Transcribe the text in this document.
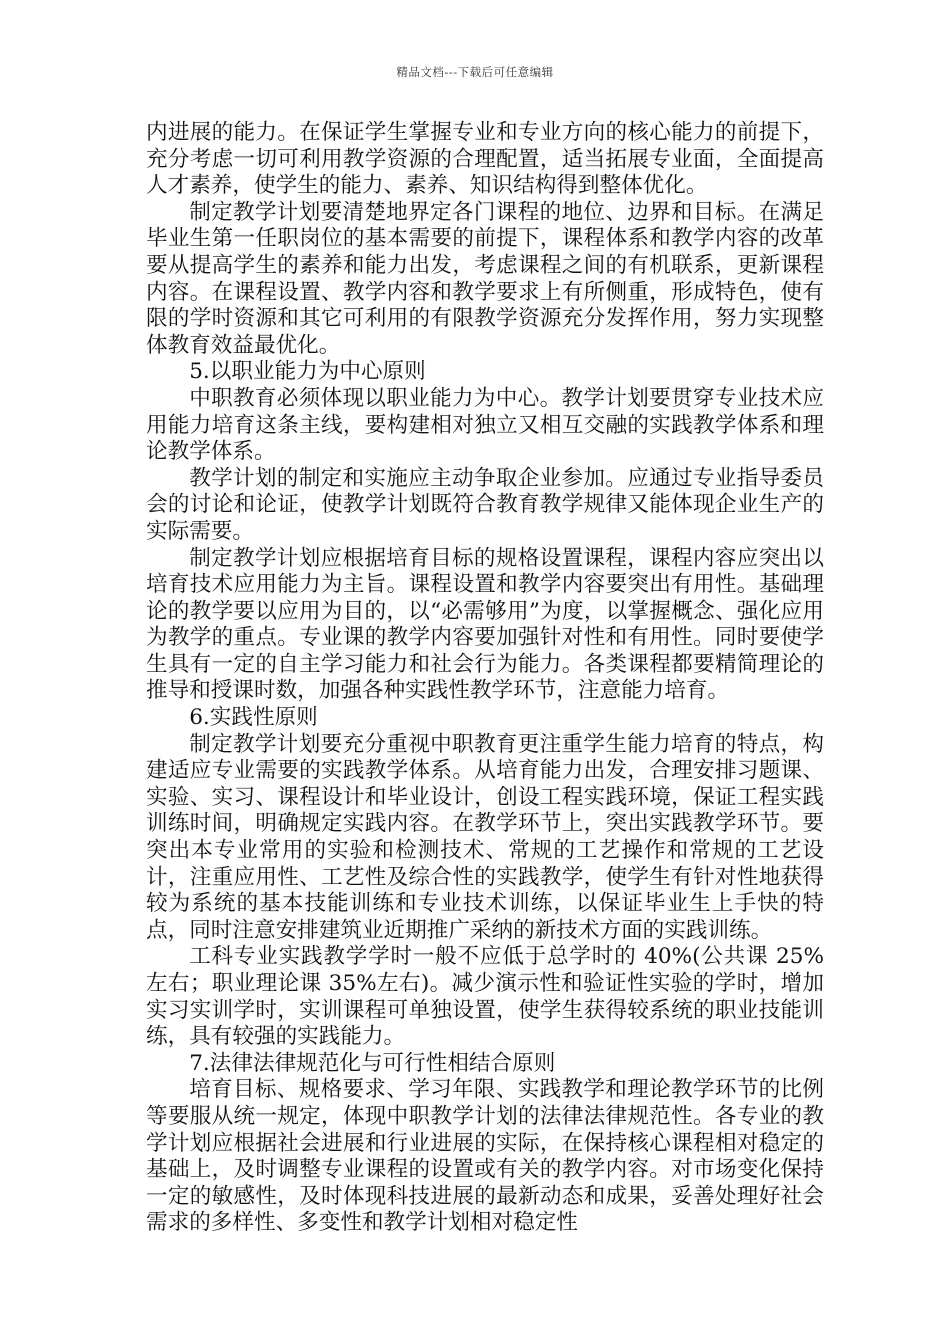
精品文档---下载后可任意编辑

内进展的能力。在保证学生掌握专业和专业方向的核心能力的前提下，充分考虑一切可利用教学资源的合理配置，适当拓展专业面，全面提高人才素养，使学生的能力、素养、知识结构得到整体优化。

制定教学计划要清楚地界定各门课程的地位、边界和目标。在满足毕业生第一任职岗位的基本需要的前提下，课程体系和教学内容的改革要从提高学生的素养和能力出发，考虑课程之间的有机联系，更新课程内容。在课程设置、教学内容和教学要求上有所侧重，形成特色，使有限的学时资源和其它可利用的有限教学资源充分发挥作用，努力实现整体教育效益最优化。

5.以职业能力为中心原则

中职教育必须体现以职业能力为中心。教学计划要贯穿专业技术应用能力培育这条主线，要构建相对独立又相互交融的实践教学体系和理论教学体系。

教学计划的制定和实施应主动争取企业参加。应通过专业指导委员会的讨论和论证，使教学计划既符合教育教学规律又能体现企业生产的实际需要。

制定教学计划应根据培育目标的规格设置课程，课程内容应突出以培育技术应用能力为主旨。课程设置和教学内容要突出有用性。基础理论的教学要以应用为目的，以“必需够用”为度，以掌握概念、强化应用为教学的重点。专业课的教学内容要加强针对性和有用性。同时要使学生具有一定的自主学习能力和社会行为能力。各类课程都要精简理论的推导和授课时数，加强各种实践性教学环节，注意能力培育。

6.实践性原则

制定教学计划要充分重视中职教育更注重学生能力培育的特点，构建适应专业需要的实践教学体系。从培育能力出发，合理安排习题课、实验、实习、课程设计和毕业设计，创设工程实践环境，保证工程实践训练时间，明确规定实践内容。在教学环节上，突出实践教学环节。要突出本专业常用的实验和检测技术、常规的工艺操作和常规的工艺设计，注重应用性、工艺性及综合性的实践教学，使学生有针对性地获得较为系统的基本技能训练和专业技术训练，以保证毕业生上手快的特点，同时注意安排建筑业近期推广采纳的新技术方面的实践训练。

工科专业实践教学学时一般不应低于总学时的 40%(公共课 25%左右；职业理论课 35%左右)。减少演示性和验证性实验的学时，增加实习实训学时，实训课程可单独设置，使学生获得较系统的职业技能训练，具有较强的实践能力。

7.法律法律规范化与可行性相结合原则

培育目标、规格要求、学习年限、实践教学和理论教学环节的比例等要服从统一规定，体现中职教学计划的法律法律规范性。各专业的教学计划应根据社会进展和行业进展的实际，在保持核心课程相对稳定的基础上，及时调整专业课程的设置或有关的教学内容。对市场变化保持一定的敏感性，及时体现科技进展的最新动态和成果，妥善处理好社会需求的多样性、多变性和教学计划相对稳定性
